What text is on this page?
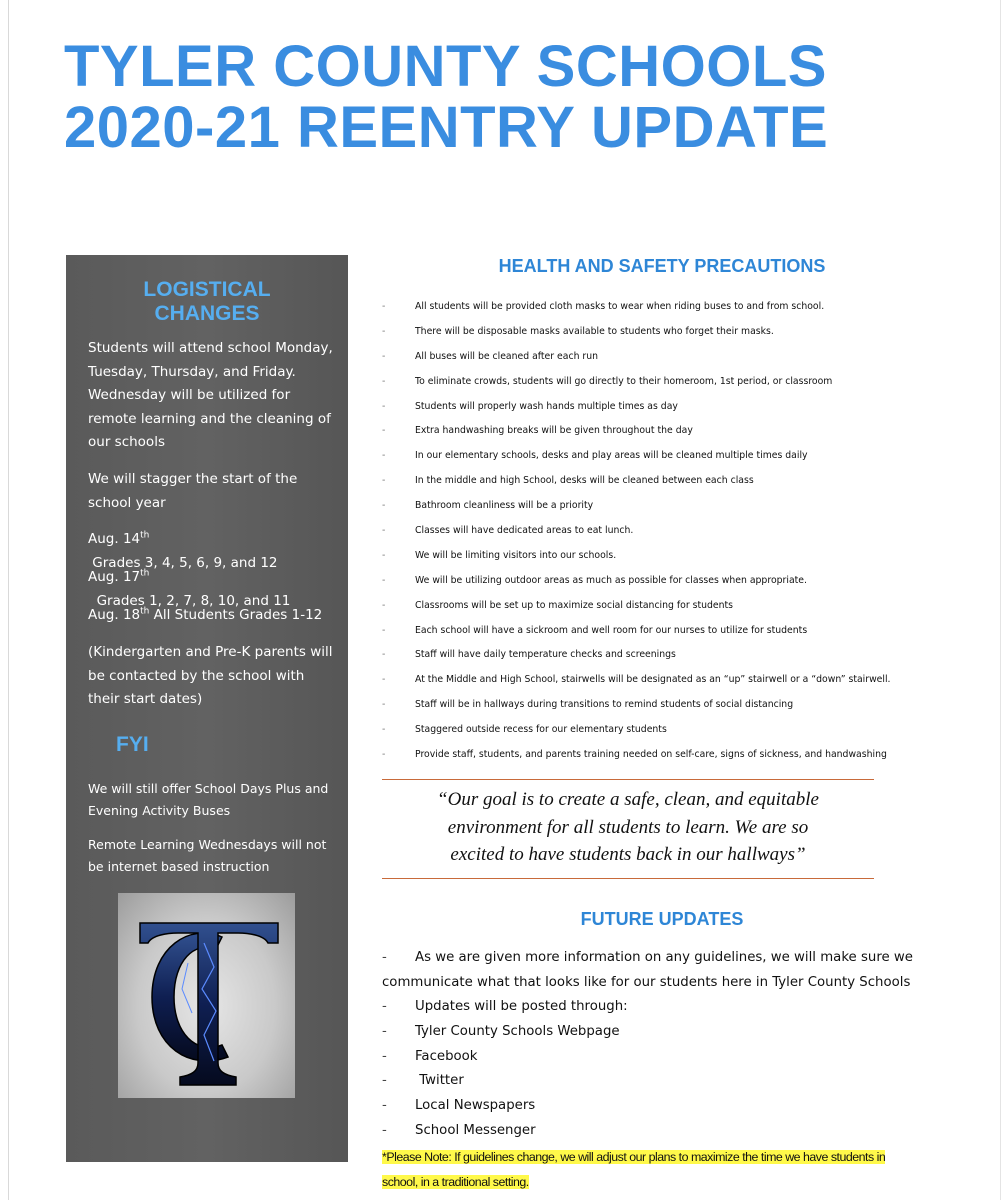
TYLER COUNTY SCHOOLS
2020-21 REENTRY UPDATE
LOGISTICAL
CHANGES

Students will attend school Monday, Tuesday, Thursday, and Friday. Wednesday will be utilized for remote learning and the cleaning of our schools

We will stagger the start of the school year

Aug. 14th Grades 3, 4, 5, 6, 9, and 12

Aug. 17th  Grades 1, 2, 7, 8, 10, and 11

Aug. 18th All Students Grades 1-12

(Kindergarten and Pre-K parents will be contacted by the school with their start dates)

FYI

We will still offer School Days Plus and Evening Activity Buses

Remote Learning Wednesdays will not be internet based instruction

HEALTH AND SAFETY PRECAUTIONS
-	All students will be provided cloth masks to wear when riding buses to and from school.
-	There will be disposable masks available to students who forget their masks.
-	All buses will be cleaned after each run
-	To eliminate crowds, students will go directly to their homeroom, 1st period, or classroom
-	Students will properly wash hands multiple times as day
-	Extra handwashing breaks will be given throughout the day
-	In our elementary schools, desks and play areas will be cleaned multiple times daily
-	In the middle and high School, desks will be cleaned between each class
-	Bathroom cleanliness will be a priority
-	Classes will have dedicated areas to eat lunch.
-	We will be limiting visitors into our schools.
-	We will be utilizing outdoor areas as much as possible for classes when appropriate.
-	Classrooms will be set up to maximize social distancing for students
-	Each school will have a sickroom and well room for our nurses to utilize for students
-	Staff will have daily temperature checks and screenings
-	At the Middle and High School, stairwells will be designated as an “up” stairwell or a “down” stairwell.
-	Staff will be in hallways during transitions to remind students of social distancing
-	Staggered outside recess for our elementary students
-	Provide staff, students, and parents training needed on self-care, signs of sickness, and handwashing

“Our goal is to create a safe, clean, and equitable
environment for all students to learn. We are so
excited to have students back in our hallways”

FUTURE UPDATES
- As we are given more information on any guidelines, we will make sure we
communicate what that looks like for our students here in Tyler County Schools
- Updates will be posted through:
- Tyler County Schools Webpage
- Facebook
- Twitter
- Local Newspapers
- School Messenger

*Please Note: If guidelines change, we will adjust our plans to maximize the time we have students in
school, in a traditional setting.
